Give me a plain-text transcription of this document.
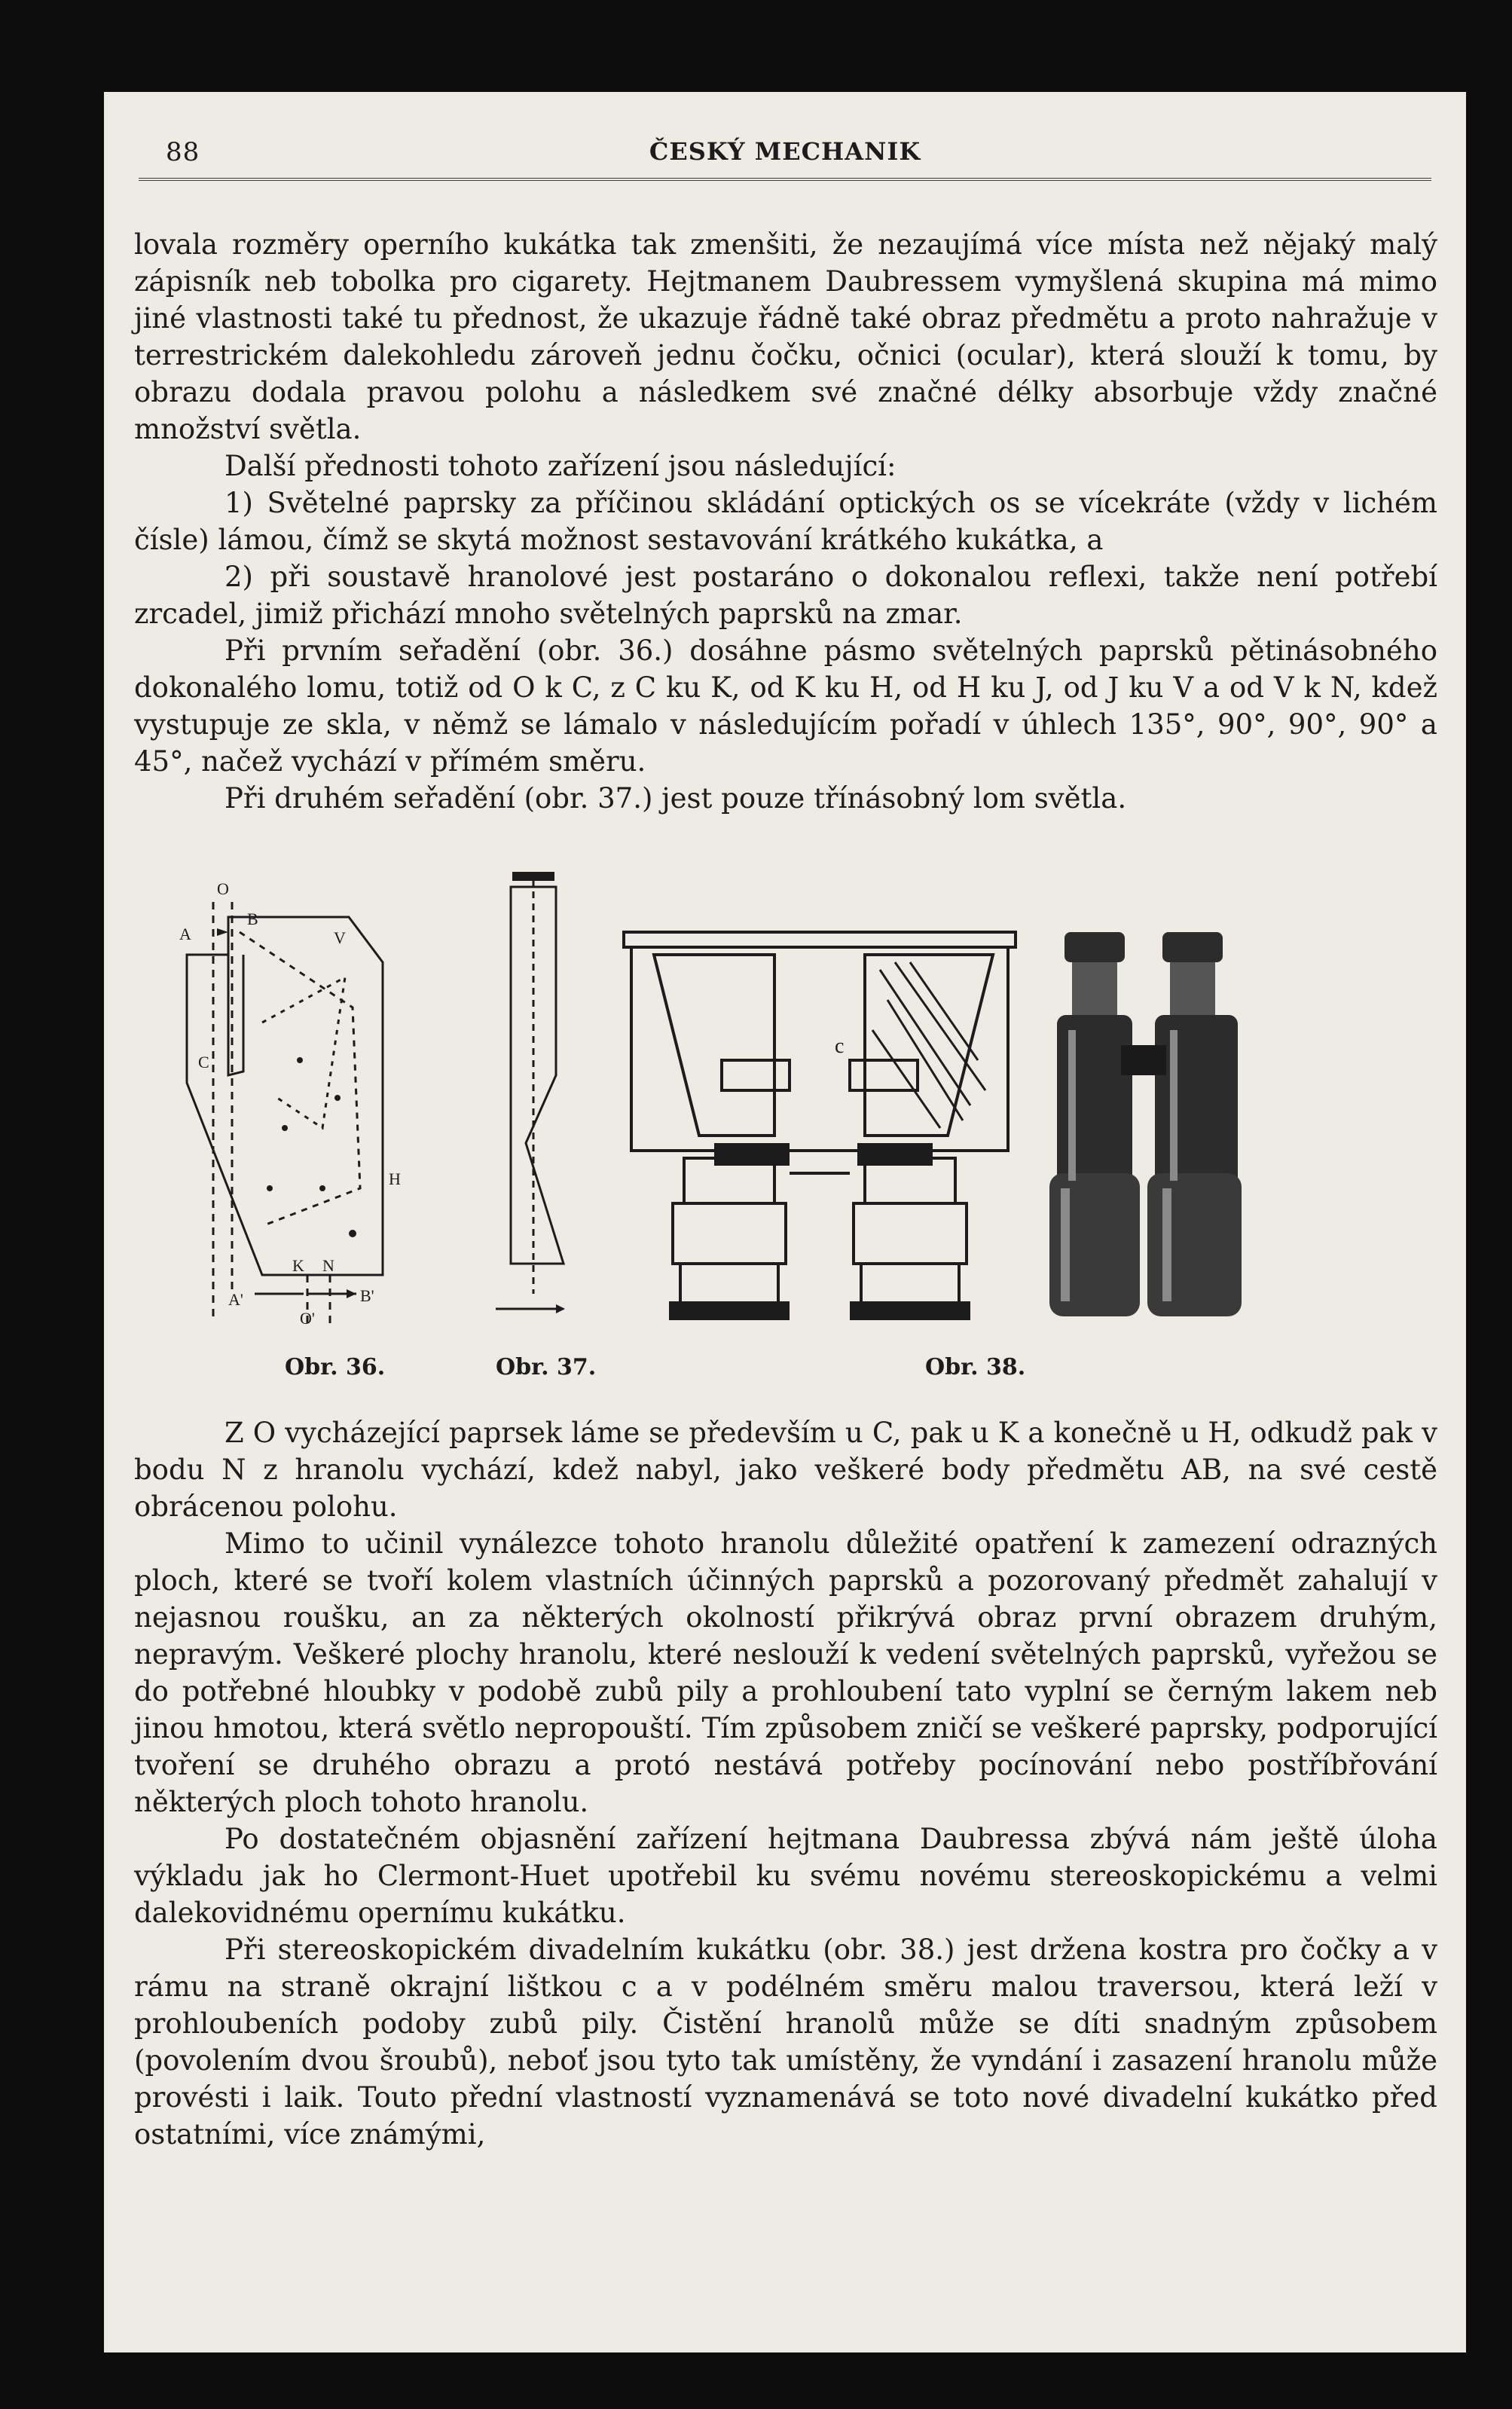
88	ČESKÝ MECHANIK

lovala rozměry operního kukátka tak zmenšiti, že nezaujímá více místa než nějaký malý zápisník neb tobolka pro cigarety. Hejtmanem Daubressem vymyšlená skupina má mimo jiné vlastnosti také tu přednost, že ukazuje řádně také obraz předmětu a proto nahražuje v terrestrickém dalekohledu zároveň jednu čočku, očnici (ocular), která slouží k tomu, by obrazu dodala pravou polohu a následkem své značné délky absorbuje vždy značné množství světla.

Další přednosti tohoto zařízení jsou následující:

1) Světelné paprsky za příčinou skládání optických os se vícekráte (vždy v lichém čísle) lámou, čímž se skytá možnost sestavování krátkého kukátka, a

2) při soustavě hranolové jest postaráno o dokonalou reflexi, takže není potřebí zrcadel, jimiž přichází mnoho světelných paprsků na zmar.

Při prvním seřadění (obr. 36.) dosáhne pásmo světelných paprsků pětinásobného dokonalého lomu, totiž od O k C, z C ku K, od K ku H, od H ku J, od J ku V a od V k N, kdež vystupuje ze skla, v němž se lámalo v následujícím pořadí v úhlech 135°, 90°, 90°, 90° a 45°, načež vychází v přímém směru.

Při druhém seřadění (obr. 37.) jest pouze třínásobný lom světla.

O
A
B
V
C
H
K N
A'	B'
O'
c
Obr. 36.	Obr. 37.	Obr. 38.

Z O vycházející paprsek láme se především u C, pak u K a konečně u H, odkudž pak v bodu N z hranolu vychází, kdež nabyl, jako veškeré body předmětu AB, na své cestě obrácenou polohu.

Mimo to učinil vynálezce tohoto hranolu důležité opatření k zamezení odrazných ploch, které se tvoří kolem vlastních účinných paprsků a pozorovaný předmět zahalují v nejasnou roušku, an za některých okolností přikrývá obraz první obrazem druhým, nepravým. Veškeré plochy hranolu, které neslouží k vedení světelných paprsků, vyřežou se do potřebné hloubky v podobě zubů pily a prohloubení tato vyplní se černým lakem neb jinou hmotou, která světlo nepropouští. Tím způsobem zničí se veškeré paprsky, podporující tvoření se druhého obrazu a protó nestává potřeby pocínování nebo postříbřování některých ploch tohoto hranolu.

Po dostatečném objasnění zařízení hejtmana Daubressa zbývá nám ještě úloha výkladu jak ho Clermont-Huet upotřebil ku svému novému stereoskopickému a velmi dalekovidnému opernímu kukátku.

Při stereoskopickém divadelním kukátku (obr. 38.) jest držena kostra pro čočky a v rámu na straně okrajní lištkou c a v podélném směru malou traversou, která leží v prohloubeních podoby zubů pily. Čistění hranolů může se díti snadným způsobem (povolením dvou šroubů), neboť jsou tyto tak umístěny, že vyndání i zasazení hranolu může provésti i laik. Touto přední vlastností vyznamenává se toto nové divadelní kukátko před ostatními, více známými,
